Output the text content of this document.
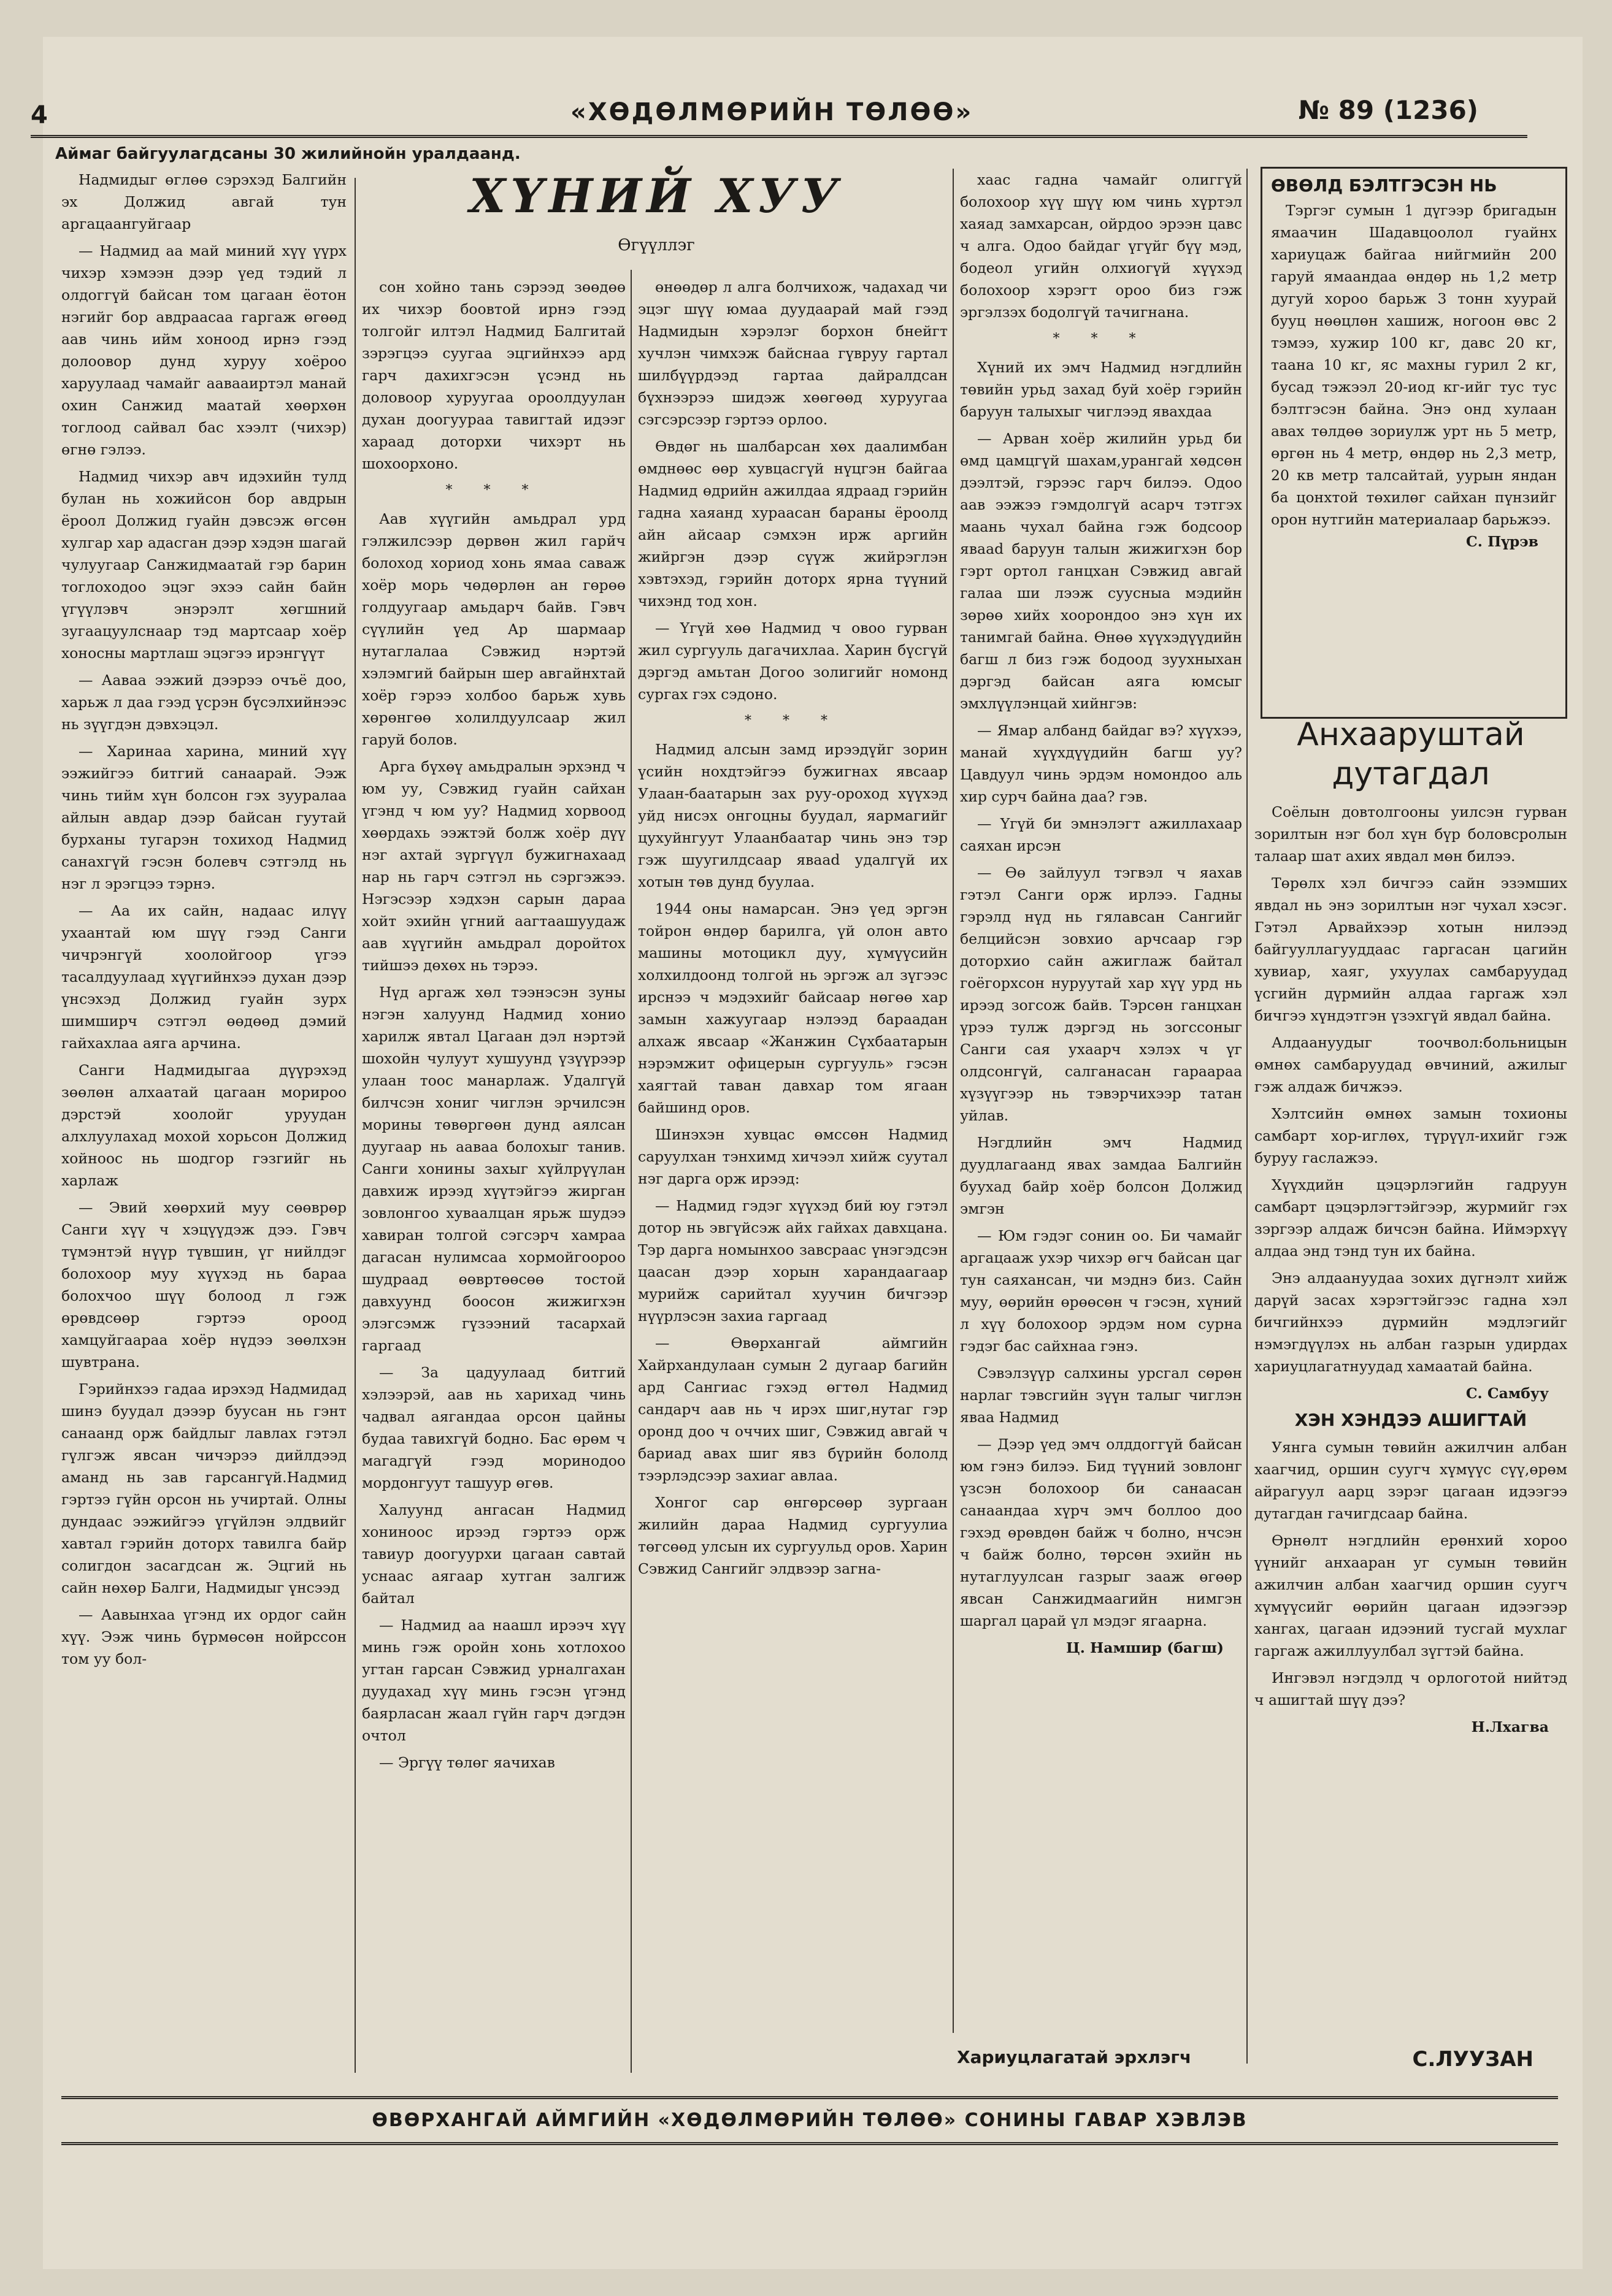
4	«ХӨДӨЛМӨРИЙН ТӨЛӨӨ»	№ 89 (1236)
Аймаг байгуулагдсаны 30 жилийнойн уралдаанд.
ХҮНИЙ ХУУ
Өгүүллэг

Надмидыг өглөө сэрэхэд Балгийн эх Должид авгай тун аргацаангуйгаар

— Надмид аа май миний хүү үүрх чихэр хэмээн дээр үед тэдий л олдоггүй байсан том цагаан ёотон нэгийг бор авдраасаа гаргаж өгөөд аав чинь ийм хоноод ирнэ гээд долоовор дунд хуруу хоёроо харуулаад чамайг аавааиртэл манай охин Санжид маатай хөөрхөн тоглоод сайвал бас хээлт (чихэр) өгнө гэлээ.

Надмид чихэр авч идэхийн тулд булан нь хожийсон бор авдрын ёроол Должид гуайн дэвсэж өгсөн хулгар хар адасган дээр хэдэн шагай чулуугаар Санжидмаатай гэр барин тоглоходоо эцэг эхээ сайн байн үгүүлэвч энэрэлт хөгшний зугаацуулснаар тэд мартсаар хоёр хоносны мартлаш эцэгээ ирэнгүүт

— Аавaa ээжий дээрээ очъё доо, харьж л даа гээд үсрэн бүсэлхийнээс нь зүүгдэн дэвхэцэл.

— Харинаа харина, миний хүү ээжийгээ битгий санаарай. Ээж чинь тийм хүн болсон гэх зууралаа айлын авдар дээр байсан гуутай бурханы тугарэн тохиход Надмид санахгүй гэсэн болевч сэтгэлд нь нэг л эрэгцээ тэрнэ.

— Аа их сайн, надаас илүү ухаантай юм шүү гээд Санги чичрэнгүй хоолойгоор үгээ тасалдуулаад хүүгийнхээ духан дээр үнсэхэд Должид гуайн зурх шимширч сэтгэл өөдөөд дэмий гайхахлаа аяга аpчина.

Санги Надмидыгаа дүүрэхэд зөөлөн алхаатай цагаан морироо дэрстэй хоолойг уруудан алхлуулахад мохой хорьсон Должид хойноос нь шодгор гэзгийг нь харлаж

— Эвий хөөрхий муу сөөврөр Санги хүү ч хэцүүдэж дээ. Гэвч түмэнтэй нүүр түвшин, үг нийлдэг болохоор муу хүүхэд нь бараа болохчоо шүү болоод л гэж өрөвдсөөр гэртээ ороод хамцуйгаараа хоёр нүдээ зөөлхэн шувтрана.

Гэрийнхээ гадаа ирэхэд Надмидад шинэ буудал дэээр буусан нь гэнт санаанд орж байдлыг лавлах гэтэл гүлгэж явсан чичэрээ дийлдээд аманд нь зав гарсангүй.Надмид гэртээ гүйн орсон нь учиртай. Олны дундаас ээжийгээ үгүйлэн элдвийг хавтал гэрийн доторх тавилга байр солигдон засагдсан ж. Эцгий нь сайн нөхөр Балги, Надмидыг үнсээд

— Аавынхаа үгэнд их ордог сайн хүү. Ээж чинь бүрмөсөн нойрссон том уу бол-

сон хойно тань сэрээд зөөдөө их чихэр боовтой ирнэ гээд толгойг илтэл Надмид Балгитай зэрэгцээ суугаа эцгийнхээ ард гарч дахихгэсэн үсэнд нь доловоор хуруугаа ороолдуулан духан доогуураа тавигтай идээг хараад доторхи чихэрт нь шохоорхоно.

* * *

Аав хүүгийн амьдрал урд гэлжилсээр дөрвөн жил гарйч болоход хориод хонь ямаа саваж хоёр морь чөдөрлөн ан гөрөө голдуугаар амьдарч бaйв. Гэвч сүүлийн үед Ар шармаар нутаглалаа Сэвжид нэртэй хэлэмгий байрын шер авгайнхтай хоёр гэрээ холбоо барьж хувь хөрөнгөө холилдуулсаар жил гарyй болов.

Арга бүхөү амьдралын эрхэнд ч юм уу, Сэвжид гуайн сайхан үгэнд ч юм уу? Надмид хорвоод хөөрдахь ээжтэй болж хоёр дүү нэг ахтай зүргүүл бужигнахаад нар нь гарч сэтгэл нь сэргэжээ. Нэгэсээр хэдхэн сарын дараа хойт эхийн үгний аагтаашуудаж аав хүүгийн амьдрал доройтох тийшээ дөхөх нь тэрээ.

Нүд аргаж хөл тээнэсэн зуны нэгэн халуунд Надмид хонио харилж явтал Цагаан дэл нэртэй шохойн чулуут хушуунд үзүүрээр улаан тоос манарлаж. Удалгүй билчсэн хониг чиглэн эрчилсэн морины төвөргөөн дунд аялсан дуугаар нь аавaa болохыг танив. Санги хонины захыг хүйлрүүлан давхиж ирээд хүүтэйгээ жирган зовлонгоо хуваалцан ярьж шудээ хавиран толгой сэгсэрч хамраа дагасан нулимсаа хормойгоороо шудраад өөвртөөсөө тостой давхуунд боосон жижигхэн элэгсэмж гүзээний тасархай гаргаад

— За цадуулаад битгий хэлээрэй, аав нь харихад чинь чадвал аягандаа орсон цайны будаа тавихгүй бодно. Бас өрөм ч магадгүй гээд моринодоо мордонгуут ташуур өгөв.

Халуунд ангасан Надмид хониноос ирээд гэртээ орж тавиур доогуурхи цагаан савтай уснаас аягаар хутган залгиж байтал

— Надмид аа наашл ирээч хүү минь гэж оройн хонь хотлохоо угтан гарсан Сэвжид урналгахан дуудахад хүү минь гэсэн үгэнд баярласан жаал гүйн гарч дэгдэн очтол

— Эргүү төлөг яачихав

өнөөдөр л алга болчихож, чадахад чи эцэг шүү юмaa дуудаарай май гээд Надмидын хэрэлэг борхон бнейгт хучлэн чимхэж байснаа гүвруу гартал шилбүүрдээд гартаа дайралдсан бүхнээрээ шидэж хөөгөөд хуруугaa сэгсэрсээр гэртээ орлоо.

Өвдөг нь шалбарсан хөх даалимбан өмднөөс өөр хувцасгүй нүцгэн байгаа Надмид өдрийн ажилдаа ядраад гэрийн гадна хаяанд хурaaсан бараны ёроолд айн айсаар сэмхэн ирж аргийн жийргэн дээр сүүж жийрэглэн хэвтэхэд, гэрийн доторх ярна түүний чихэнд тод хон.

— Үгүй хөө Надмид ч овоо гурван жил сургууль дагачихлаа. Харин бүсгүй дэргэд амьтан Догоо золигийг номонд сургах гэх сэдоно.

* * *

Надмид алсын замд ирээдүйг зорин үсийн нохдтэйгээ бужигнах явсаар Улаан-баатарын зах руу-ороход хүүхэд уйд нисэх онгоцны буудал, яармагийг цухуйнгуут Улаанбаатар чинь энэ тэр гэж шуугилдсаар явааd удалгүй их хотын төв дунд буулаа.

1944 оны намарсан. Энэ үед эргэн тойрон өндөр барилга, үй олон авто машины мотоцикл дуу, хүмүүсийн холхилдоонд толгой нь эргэж ал зүгээс ирснээ ч мэдэхийг байсаар нөгөө хар замын хажуугаар нэлээд бараадан алхаж явсаар «Жанжин Сүхбаатарын нэрэмжит офицерын сургууль» гэсэн хаягтай таван давхар том ягаан байшинд орoв.

Шинэхэн хувцас өмссөн Надмид саруулхан тэнхимд хичээл хийж суутал нэг дарга орж ирээд:

— Надмид гэдэг хүүхэд бий юу гэтэл дотор нь эвгүйсэж айх гайхах давхцана. Тэр дарга номынхоо завсраас үнэгэдсэн цаасан дээр хорын харандаагаар мурийж сарийтал хуучин бичгээр нүүрлэсэн захиа гаргаад

— Өвөрхангай аймгийн Хайрхандулаан сумын 2 дугаар багийн ард Сангиас гэхэд өгтөл Надмид сандарч аав нь ч ирэх шиг,нутаг гэр оронд доо ч оччих шиг, Сэвжид авгай ч бариад авах шиг явз бүрийн бололд тээрлэдсээр захиаг авлаа.

Хонгог сар өнгөрсөөр зургаан жилийн дараа Надмид сургуулиа төгсөөд улсын их сургуульд орoв. Харин Сэвжид Сангийг элдвээр загна-

хаас гадна чамайг олиггүй болохоор хүү шүү юм чинь хүртэл хаяад замхарсан, ойрдоо эрээн цавс ч алга. Одоо байдаг үгүйг бүү мэд, бодеол угийн олхиогүй хүүхэд болохоор хэрэгт ороо биз гэж эргэлзэх бодолгүй тачигнана.

* * *

Хүний их эмч Надмид нэгдлийн төвийн урьд захад буй хоёр гэрийн баруун талыхыг чиглээд явахдаа

— Арван хоёр жилийн урьд би өмд цамцгүй шахам,урангай хөдсөн дээлтэй, гэрээс гарч билээ. Одоо аав ээжээ гэмдолгүй асарч тэтгэх маань чухал байна гэж бодсоор явaad баруун талын жижигхэн бор гэрт ортол ганцхан Сэвжид авгай галаа ши лээж суусныа мэдийн зөрөө хийх хоорондоо энэ хүн их танимгай байна. Өнөө хүүхэдүүдийн багш л биз гэж бодоод зуухныхан дэргэд байсан аяга юмсыг эмхлүүлэнцай хийнгэв:

— Ямар албанд байдаг вэ? хүүхээ, манай хүүхдүүдийн багш уу? Цавдуул чинь эрдэм номондоо аль хир сурч байна даа? гэв.

— Үгүй би эмнэлэгт ажиллахаар саяхан ирсэн

— Өө зайлуул тэгвэл ч яахав гэтэл Санги орж ирлээ. Гадны гэрэлд нүд нь гялавсан Сангийг белцийсэн зовхио арчсаар гэр доторхио сайн ажиглаж байтал гоёгорхсон нуруутай хар хүү урд нь ирээд зогсож байв. Тэрсөн ганцхан үрээ тулж дэргэд нь зогссоныг Санги сая ухаарч хэлэх ч үг олдсонгүй, салганасан гараараа хүзүүгээр нь тэвэрчихээр татан уйлав.

Нэгдлийн эмч Надмид дуудлагаанд явах замдаа Балгийн буухад байр хоёр болсон Должид эмгэн

— Юм гэдэг сонин оо. Би чамайг аргацааж ухэр чихэр өгч байсан цаг тун саяханcан, чи мэднэ биз. Сайн муу, өөрийн өрөөсөн ч гэсэн, хүний л хүү болохоор эрдэм ном сурна гэдэг бас сайхнаа гэнэ.

Сэвэлзүүр салхины урсгал сөрөн нарлаг тэвсгийн зүүн талыг чиглэн явaa Надмид

— Дээр үед эмч олддоггүй байсан юм гэнэ билээ. Бид түүний зовлонг үзсэн болохоор би санаасан санаандаа хүрч эмч боллоо доо гэхэд өрөвдөн байж ч болно, нчсэн ч байж болно, төрсөн эхийн нь нутаглуулсан газрыг зааж өгөөр явсан Санжидмаагийн нимгэн шаргал царай үл мэдэг ягаарна.

Ц. Намшир (багш)
ӨВӨЛД БЭЛТГЭСЭН НЬ

Тэргэг сумын 1 дүгээр бригадын ямаачин Шадавцоолол гуайнх хариуцаж байгаа нийгмийн 200 гаруй ямаандаа өндөр нь 1,2 метр дугуй хороо барьж 3 тонн хуурай бууц нөөцлөн хашиж, ногоон өвс 2 тэмээ, хужир 100 кг, давс 20 кг, таана 10 кг, яс махны гурил 2 кг, бусад тэжээл 20-иод кг-ийг тус тус бэлтгэсэн байна. Энэ онд хулаан авах төлдөө зориулж урт нь 5 метр, өргөн нь 4 метр, өндөр нь 2,3 метр, 20 кв метр талсайтай, уурын яндан ба цонхтой төхилөг сайхан пүнзийг орон нутгийн материалаар барьжээ.

С. Пүрэв
Анхааруштай дутагдал

Соёлын довтолгооны уилсэн гурван зорилтын нэг бол хүн бүр боловсролын талаар шат ахих явдал мөн билээ.

Төрөлх хэл бичгээ сайн эзэмших явдал нь энэ зорилтын нэг чухал хэсэг. Гэтэл Арвайхээр хотын нилээд байгууллагууддаас гаргасан цагийн хувиар, хаяг, ухуулах самбаруудад үсгийн дүрмийн алдаа гаргаж хэл бичгээ хүндэтгэн үзэхгүй явдал байна.

Алдаануудыг тоочвол:больницын өмнөх самбаруудад өвчиний, ажилыг гэж алдаж бичжээ.

Хэлтсийн өмнөх замын тохионы самбарт хор-иглөх, түрүүл-ихийг гэж буруу гаслажээ.

Хүүхдийн цэцэрлэгийн гадруун самбарт цэцэрлэгтэйгээр, журмийг гэх зэргээр алдаж бичсэн байна. Иймэрхүү алдаа энд тэнд тун их байна.

Энэ алдаануудаа зохих дүгнэлт хийж дарүй засах хэрэгтэйгээс гадна хэл бичгийнхээ дүрмийн мэдлэгийг нэмэгдүүлэх нь албан газрын удирдах хариуцлагатнуудад хамаатай байна.

С. Самбуу
ХЭН ХЭНДЭЭ АШИГТАЙ

Уянга сумын төвийн ажилчин албан хаагчид, оршин суугч хүмүүс сүү,өрөм айрагуул аарц зэрэг цагаан идээгээ дутагдан гачигдсаар байна.

Өрнөлт нэгдлийн ерөнхий хороо үүнийг анхааран уг сумын төвийн ажилчин албан хаагчид оршин суугч хүмүүсийг өөрийн цагаан идээгээр хангах, цагаан идээний тусгай мухлаг гаргаж ажиллуулбал зүгтэй байна.

Ингэвэл нэгдэлд ч орлоготой нийтэд ч ашигтай шүү дээ?

Н.Лхагва
Хариуцлагатай эрхлэгч	С.ЛУУЗАН
ӨВӨРХАНГАЙ АЙМГИЙН «ХӨДӨЛМӨРИЙН ТӨЛӨӨ» СОНИНЫ ГАВАР ХЭВЛЭВ
